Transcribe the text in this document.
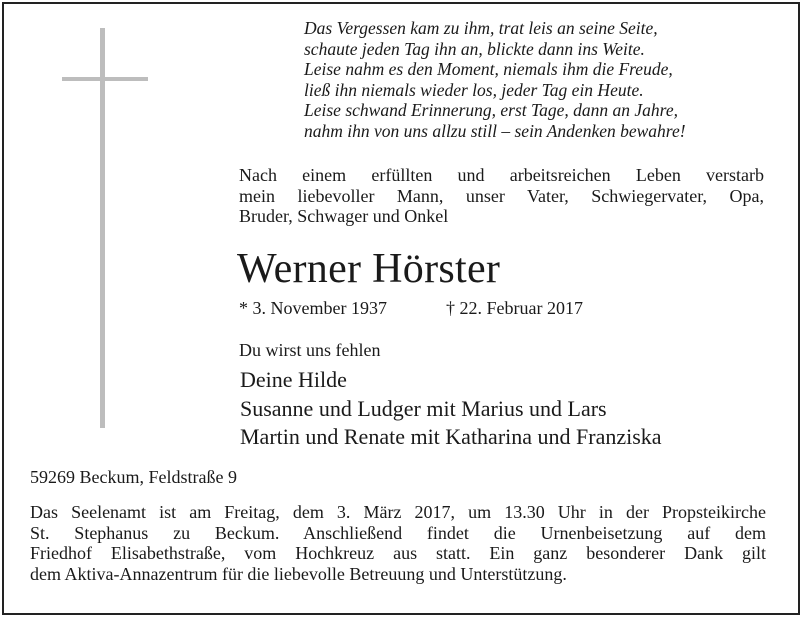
Das Vergessen kam zu ihm, trat leis an seine Seite,
schaute jeden Tag ihn an, blickte dann ins Weite.
Leise nahm es den Moment, niemals ihm die Freude,
ließ ihn niemals wieder los, jeder Tag ein Heute.
Leise schwand Erinnerung, erst Tage, dann an Jahre,
nahm ihn von uns allzu still – sein Andenken bewahre!
Nach einem erfüllten und arbeitsreichen Leben verstarb
mein liebevoller Mann, unser Vater, Schwiegervater, Opa,
Bruder, Schwager und Onkel
Werner Hörster
* 3. November 1937	† 22. Februar 2017
Du wirst uns fehlen
Deine Hilde
Susanne und Ludger mit Marius und Lars
Martin und Renate mit Katharina und Franziska
59269 Beckum, Feldstraße 9
Das Seelenamt ist am Freitag, dem 3. März 2017, um 13.30 Uhr in der Propsteikirche
St. Stephanus zu Beckum. Anschließend findet die Urnenbeisetzung auf dem
Friedhof Elisabethstraße, vom Hochkreuz aus statt. Ein ganz besonderer Dank gilt
dem Aktiva-Annazentrum für die liebevolle Betreuung und Unterstützung.
